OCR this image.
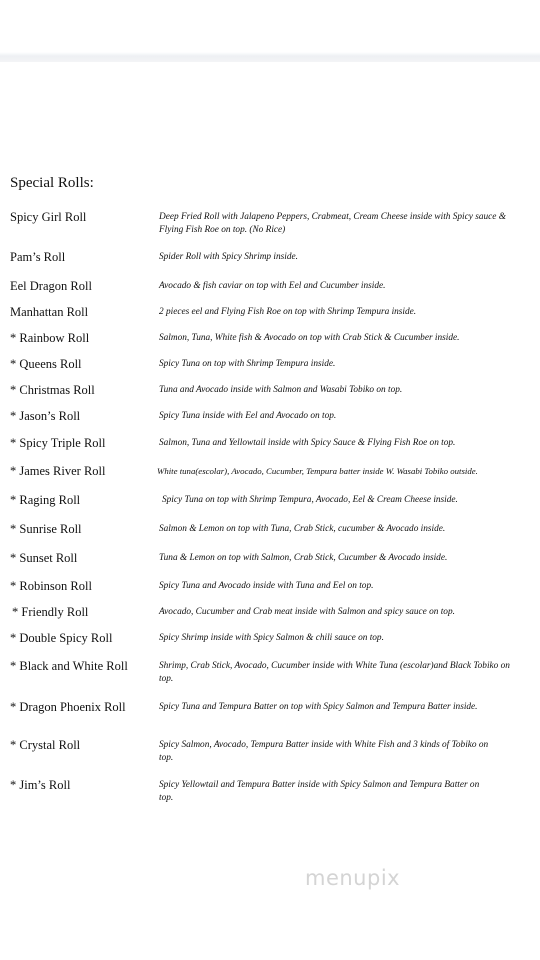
Special Rolls:
Spicy Girl Roll	Deep Fried Roll with Jalapeno Peppers, Crabmeat, Cream Cheese inside with Spicy sauce & Flying Fish Roe on top. (No Rice)
Pam’s Roll	Spider Roll with Spicy Shrimp inside.
Eel Dragon Roll	Avocado & fish caviar on top with Eel and Cucumber inside.
Manhattan Roll	2 pieces eel and Flying Fish Roe on top with Shrimp Tempura inside.
* Rainbow Roll	Salmon, Tuna, White fish & Avocado on top with Crab Stick & Cucumber inside.
* Queens Roll	Spicy Tuna on top with Shrimp Tempura inside.
* Christmas Roll	Tuna and Avocado inside with Salmon and Wasabi Tobiko on top.
* Jason’s Roll	Spicy Tuna inside with Eel and Avocado on top.
* Spicy Triple Roll	Salmon, Tuna and Yellowtail inside with Spicy Sauce & Flying Fish Roe on top.
* James River Roll	White tuna(escolar), Avocado, Cucumber, Tempura batter inside W. Wasabi Tobiko outside.
* Raging Roll	Spicy Tuna on top with Shrimp Tempura, Avocado, Eel & Cream Cheese inside.
* Sunrise Roll	Salmon & Lemon on top with Tuna, Crab Stick, cucumber & Avocado inside.
* Sunset Roll	Tuna & Lemon on top with Salmon, Crab Stick, Cucumber & Avocado inside.
* Robinson Roll	Spicy Tuna and Avocado inside with Tuna and Eel on top.
* Friendly Roll	Avocado, Cucumber and Crab meat inside with Salmon and spicy sauce on top.
* Double Spicy Roll	Spicy Shrimp inside with Spicy Salmon & chili sauce on top.
* Black and White Roll	Shrimp, Crab Stick, Avocado, Cucumber inside with White Tuna (escolar)and Black Tobiko on top.
* Dragon Phoenix Roll	Spicy Tuna and Tempura Batter on top with Spicy Salmon and Tempura Batter inside.
* Crystal Roll	Spicy Salmon, Avocado, Tempura Batter inside with White Fish and 3 kinds of Tobiko on top.
* Jim’s Roll	Spicy Yellowtail and Tempura Batter inside with Spicy Salmon and Tempura Batter on top.
menupix
